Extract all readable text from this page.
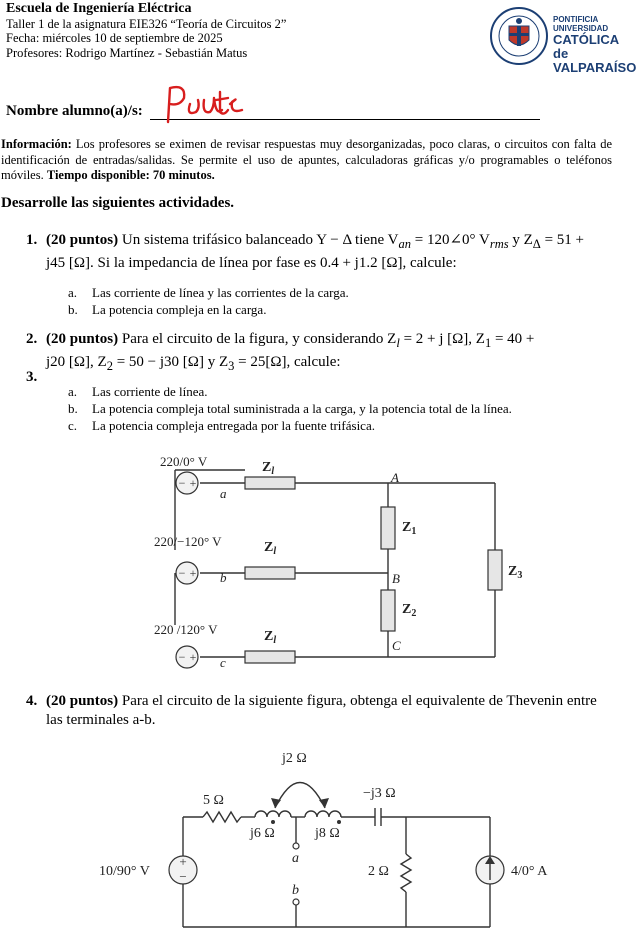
Escuela de Ingeniería Eléctrica
Taller 1 de la asignatura EIE326 “Teoría de Circuitos 2”
Fecha: miércoles 10 de septiembre de 2025
Profesores: Rodrigo Martínez - Sebastián Matus
PONTIFICIA
UNIVERSIDAD
CATÓLICA de
VALPARAÍSO
Nombre alumno(a)/s:
Información: Los profesores se eximen de revisar respuestas muy desorganizadas, poco claras, o circuitos con falta de identificación de entradas/salidas. Se permite el uso de apuntes, calculadoras gráficas y/o programables o teléfonos móviles. Tiempo disponible: 70 minutos.
Desarrolle las siguientes actividades.
1. (20 puntos) Un sistema trifásico balanceado Y − Δ tiene $V_{an}$ = 120∠0° $V_{rms}$ y $Z_\Delta = 51$ +
j45 [Ω]. Si la impedancia de línea por fase es 0.4 + j1.2 [Ω], calcule:
a. Las corriente de línea y las corrientes de la carga.
b. La potencia compleja en la carga.
2.
3.
(20 puntos) Para el circuito de la figura, y considerando $Z_l = 2 + j$ [Ω], $Z_1 = 40$ +
j20 [Ω], $Z_2 = 50 - j30$ [Ω] y $Z_3 = 25[\Omega]$, calcule:
a. Las corriente de línea.
b. La potencia compleja total suministrada a la carga, y la potencia total de la línea.
c. La potencia compleja entregada por la fuente trifásica.
− +
− +
− +
220/0° V
220/−120° V
220 /120° V
a
b
c
A
B
C
$Z_l$
$Z_l$
$Z_l$
$Z_1$
$Z_2$
$Z_3$
4. (20 puntos) Para el circuito de la siguiente figura, obtenga el equivalente de Thevenin entre
las terminales a-b.
+
−
j2 Ω
5 Ω	−j3 Ω
j6 Ω	j8 Ω
a
b
10/90° V	2 Ω	4/0° A
